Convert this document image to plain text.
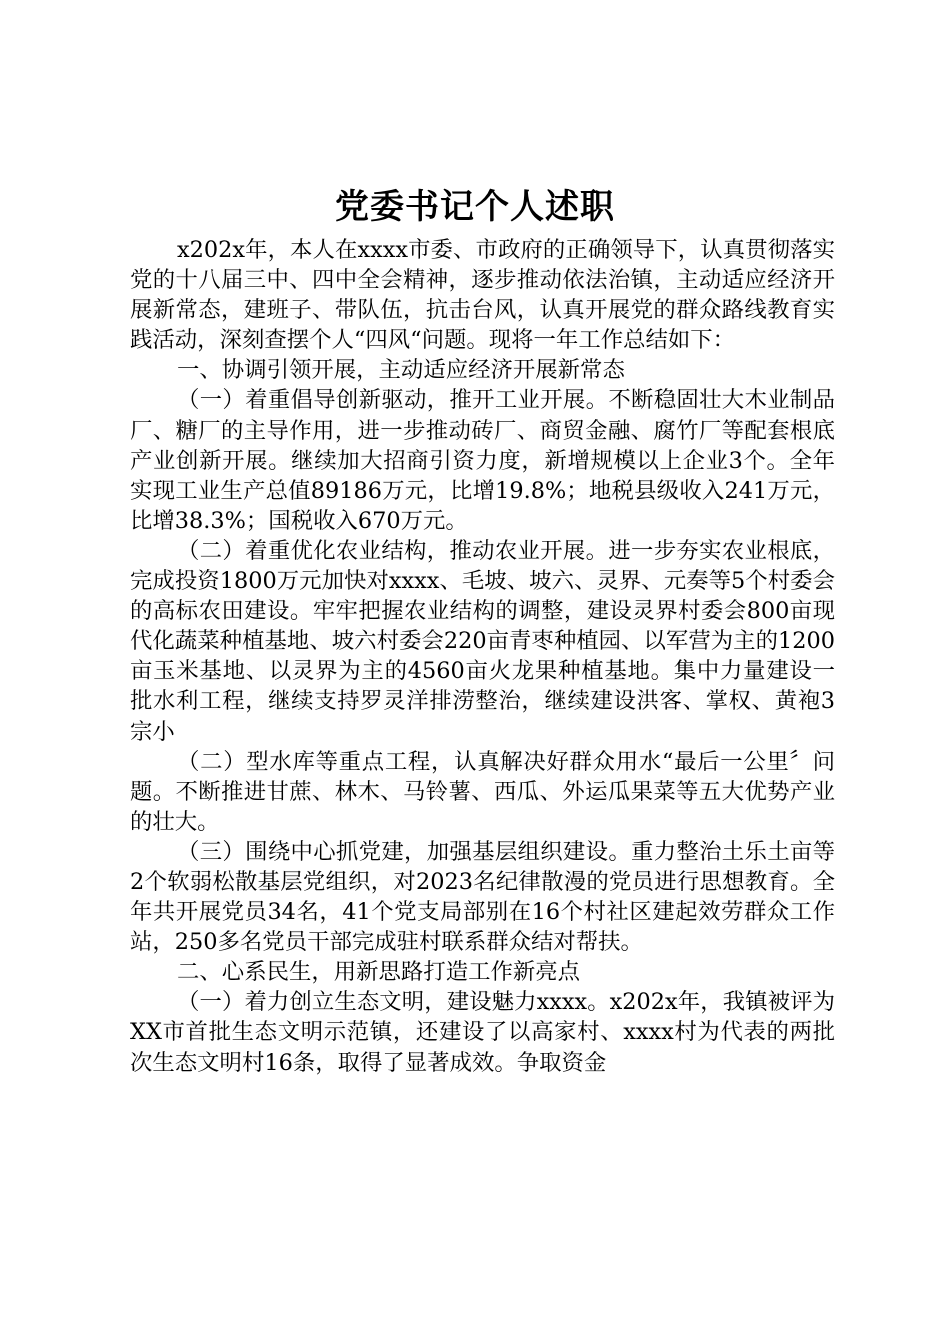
党委书记个人述职

x202x年，本人在xxxx市委、市政府的正确领导下，认真贯彻落实党的十八届三中、四中全会精神，逐步推动依法治镇，主动适应经济开展新常态，建班子、带队伍，抗击台风，认真开展党的群众路线教育实践活动，深刻查摆个人“四风“问题。现将一年工作总结如下：

一、协调引领开展，主动适应经济开展新常态

（一）着重倡导创新驱动，推开工业开展。不断稳固壮大木业制品厂、糖厂的主导作用，进一步推动砖厂、商贸金融、腐竹厂等配套根底产业创新开展。继续加大招商引资力度，新增规模以上企业3个。全年实现工业生产总值89186万元，比增19.8%；地税县级收入241万元，比增38.3%；国税收入670万元。

（二）着重优化农业结构，推动农业开展。进一步夯实农业根底，完成投资1800万元加快对xxxx、毛坡、坡六、灵界、元奏等5个村委会的高标农田建设。牢牢把握农业结构的调整，建设灵界村委会800亩现代化蔬菜种植基地、坡六村委会220亩青枣种植园、以军营为主的1200亩玉米基地、以灵界为主的4560亩火龙果种植基地。集中力量建设一批水利工程，继续支持罗灵洋排涝整治，继续建设洪客、掌权、黄袍3宗小

（二）型水库等重点工程，认真解决好群众用水“最后一公里〞问题。不断推进甘蔗、林木、马铃薯、西瓜、外运瓜果菜等五大优势产业的壮大。

（三）围绕中心抓党建，加强基层组织建设。重力整治土乐土亩等2个软弱松散基层党组织，对2023名纪律散漫的党员进行思想教育。全年共开展党员34名，41个党支局部别在16个村社区建起效劳群众工作站，250多名党员干部完成驻村联系群众结对帮扶。

二、心系民生，用新思路打造工作新亮点

（一）着力创立生态文明，建设魅力xxxx。x202x年，我镇被评为XX市首批生态文明示范镇，还建设了以高家村、xxxx村为代表的两批次生态文明村16条，取得了显著成效。争取资金
